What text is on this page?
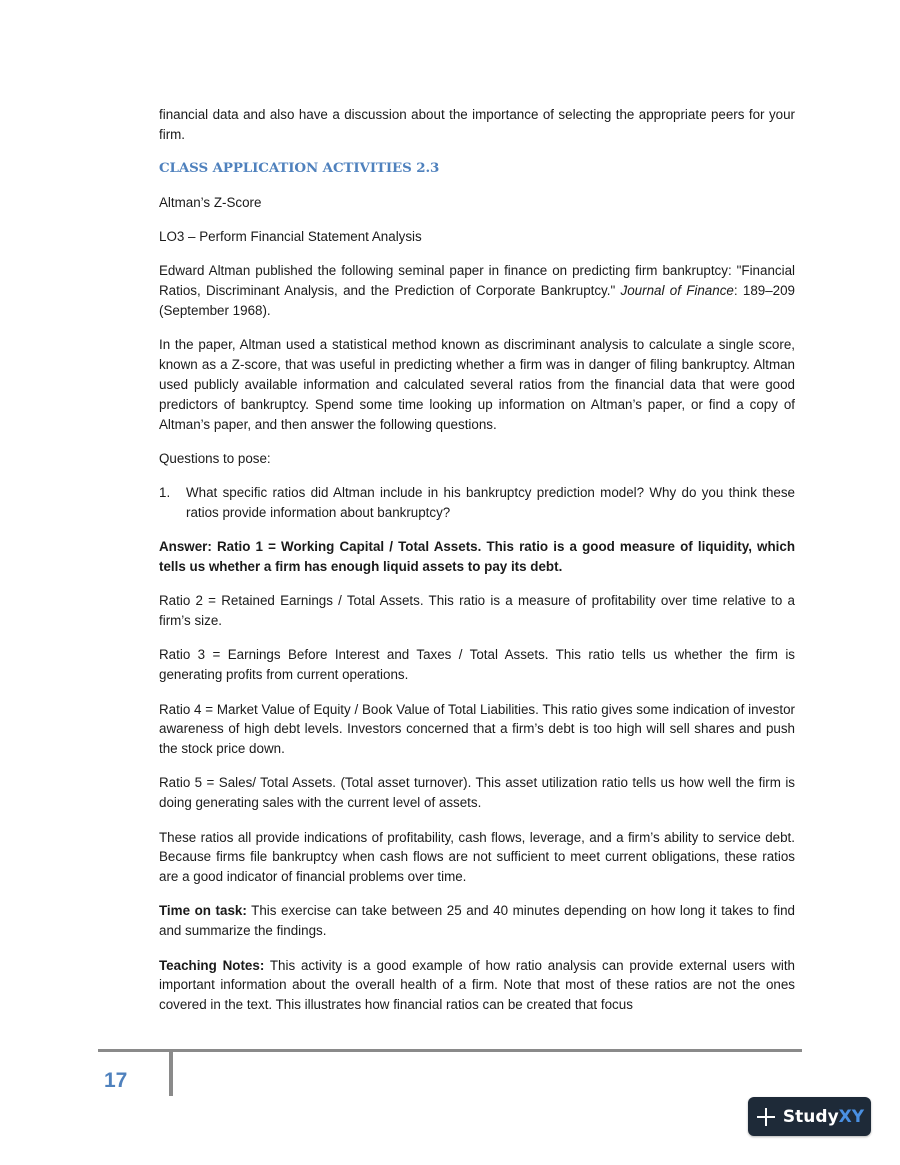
financial data and also have a discussion about the importance of selecting the appropriate peers for your firm.

CLASS APPLICATION ACTIVITIES 2.3

Altman’s Z-Score

LO3 – Perform Financial Statement Analysis

Edward Altman published the following seminal paper in finance on predicting firm bankruptcy: "Financial Ratios, Discriminant Analysis, and the Prediction of Corporate Bankruptcy." Journal of Finance: 189–209 (September 1968).

In the paper, Altman used a statistical method known as discriminant analysis to calculate a single score, known as a Z-score, that was useful in predicting whether a firm was in danger of filing bankruptcy. Altman used publicly available information and calculated several ratios from the financial data that were good predictors of bankruptcy. Spend some time looking up information on Altman’s paper, or find a copy of Altman’s paper, and then answer the following questions.

Questions to pose:

1.	What specific ratios did Altman include in his bankruptcy prediction model? Why do you think these ratios provide information about bankruptcy?

Answer: Ratio 1 = Working Capital / Total Assets. This ratio is a good measure of liquidity, which tells us whether a firm has enough liquid assets to pay its debt.

Ratio 2 = Retained Earnings / Total Assets. This ratio is a measure of profitability over time relative to a firm’s size.

Ratio 3 = Earnings Before Interest and Taxes / Total Assets. This ratio tells us whether the firm is generating profits from current operations.

Ratio 4 = Market Value of Equity / Book Value of Total Liabilities. This ratio gives some indication of investor awareness of high debt levels. Investors concerned that a firm’s debt is too high will sell shares and push the stock price down.

Ratio 5 = Sales/ Total Assets. (Total asset turnover). This asset utilization ratio tells us how well the firm is doing generating sales with the current level of assets.

These ratios all provide indications of profitability, cash flows, leverage, and a firm’s ability to service debt. Because firms file bankruptcy when cash flows are not sufficient to meet current obligations, these ratios are a good indicator of financial problems over time.

Time on task: This exercise can take between 25 and 40 minutes depending on how long it takes to find and summarize the findings.

Teaching Notes: This activity is a good example of how ratio analysis can provide external users with important information about the overall health of a firm. Note that most of these ratios are not the ones covered in the text. This illustrates how financial ratios can be created that focus

17
StudyXY
